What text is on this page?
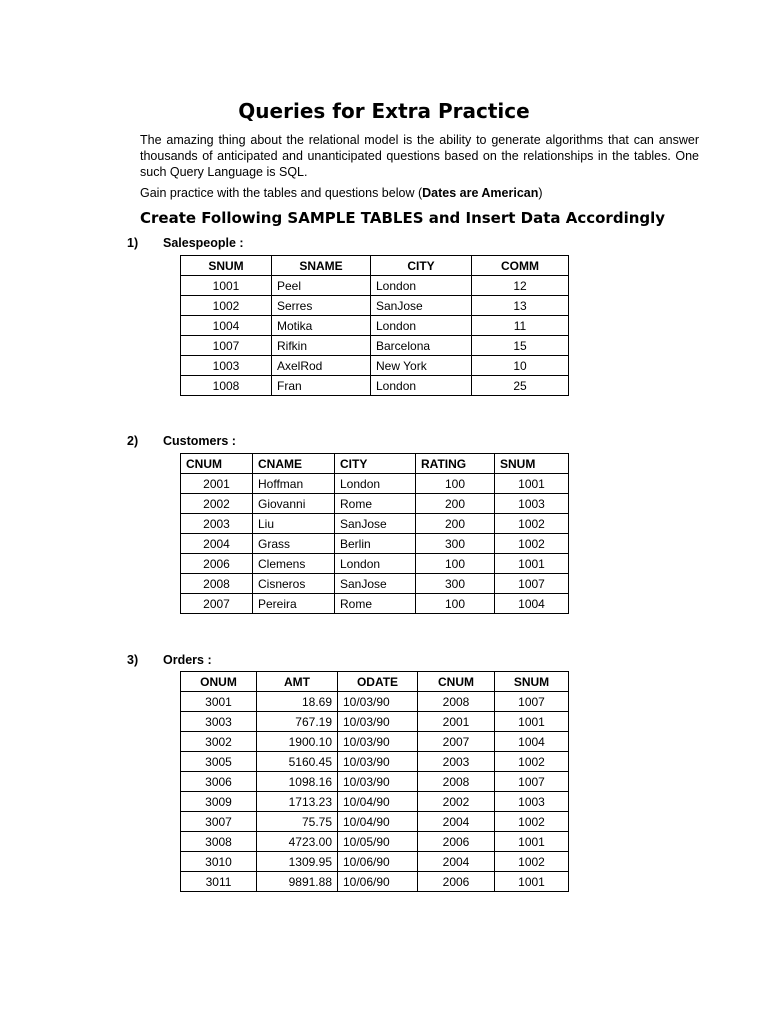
Queries for Extra Practice

The amazing thing about the relational model is the ability to generate algorithms that can answer thousands of anticipated and unanticipated questions based on the relationships in the tables. One such Query Language is SQL.

Gain practice with the tables and questions below (Dates are American)

Create Following SAMPLE TABLES and Insert Data Accordingly
1) Salespeople :
SNUM	SNAME	CITY	COMM
1001	Peel	London	12
1002	Serres	SanJose	13
1004	Motika	London	11
1007	Rifkin	Barcelona	15
1003	AxelRod	New York	10
1008	Fran	London	25
2) Customers :
CNUM	CNAME	CITY	RATING	SNUM
2001	Hoffman	London	100	1001
2002	Giovanni	Rome	200	1003
2003	Liu	SanJose	200	1002
2004	Grass	Berlin	300	1002
2006	Clemens	London	100	1001
2008	Cisneros	SanJose	300	1007
2007	Pereira	Rome	100	1004
3) Orders :
ONUM	AMT	ODATE	CNUM	SNUM
3001	18.69	10/03/90	2008	1007
3003	767.19	10/03/90	2001	1001
3002	1900.10	10/03/90	2007	1004
3005	5160.45	10/03/90	2003	1002
3006	1098.16	10/03/90	2008	1007
3009	1713.23	10/04/90	2002	1003
3007	75.75	10/04/90	2004	1002
3008	4723.00	10/05/90	2006	1001
3010	1309.95	10/06/90	2004	1002
3011	9891.88	10/06/90	2006	1001
